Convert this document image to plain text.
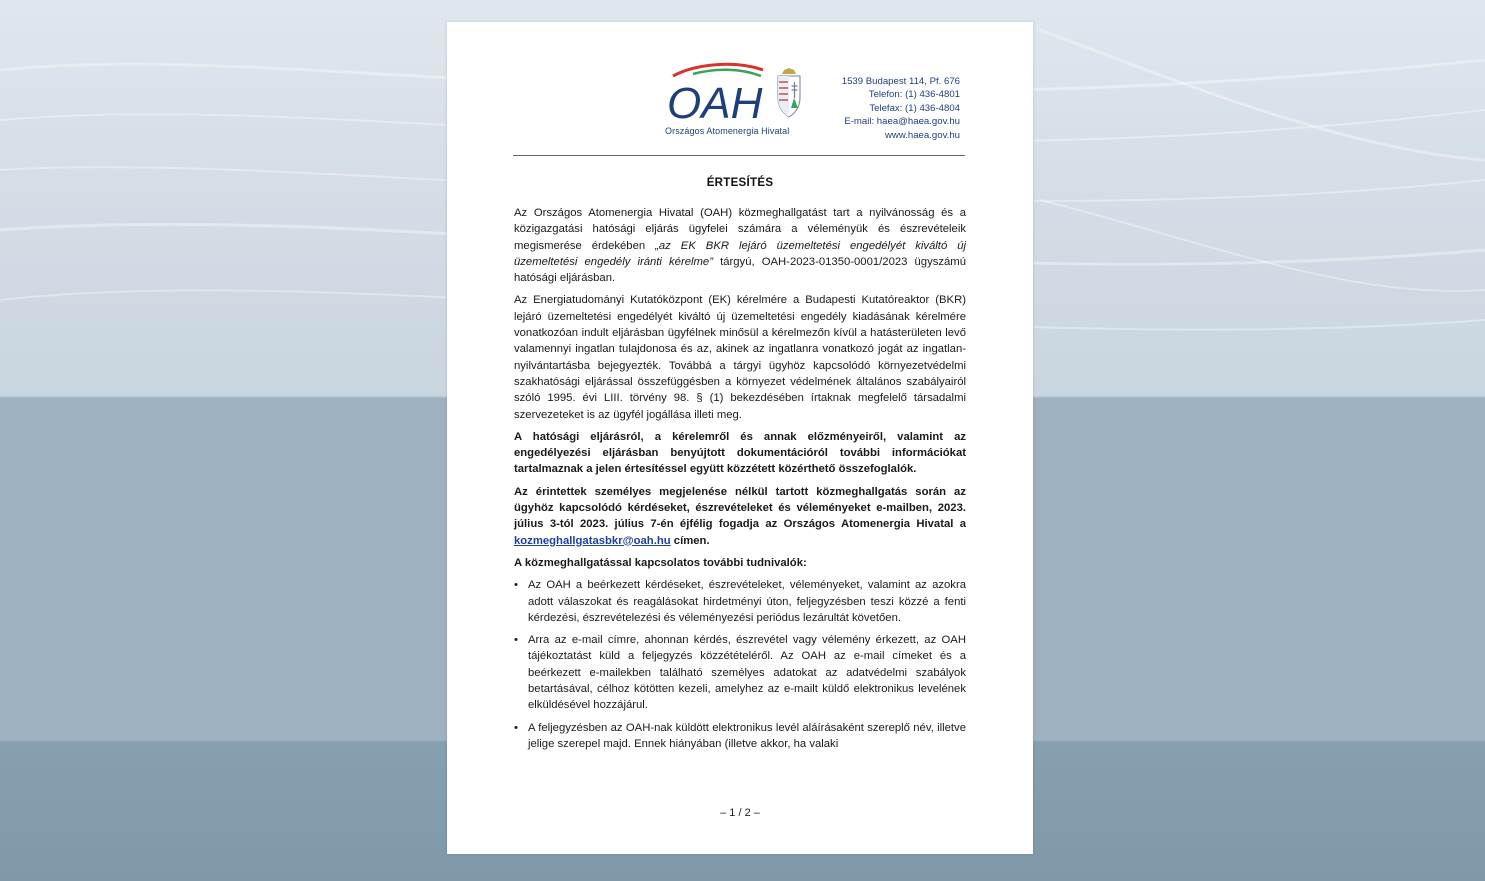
OAH
Országos Atomenergia Hivatal
1539 Budapest 114, Pf. 676
Telefon: (1) 436-4801
Telefax: (1) 436-4804
E-mail: haea@haea.gov.hu
www.haea.gov.hu
ÉRTESÍTÉS

Az Országos Atomenergia Hivatal (OAH) közmeghallgatást tart a nyilvánosság és a közigazgatási hatósági eljárás ügyfelei számára a véleményük és észrevételeik megismerése érdekében „az EK BKR lejáró üzemeltetési engedélyét kiváltó új üzemeltetési engedély iránti kérelme” tárgyú, OAH-2023-01350-0001/2023 ügyszámú hatósági eljárásban.

Az Energiatudományi Kutatóközpont (EK) kérelmére a Budapesti Kutatóreaktor (BKR) lejáró üzemeltetési engedélyét kiváltó új üzemeltetési engedély kiadásának kérelmére vonatkozóan indult eljárásban ügyfélnek minősül a kérelmezőn kívül a hatásterületen levő valamennyi ingatlan tulajdonosa és az, akinek az ingatlanra vonatkozó jogát az ingatlan-nyilvántartásba bejegyezték. Továbbá a tárgyi ügyhöz kapcsolódó környezetvédelmi szakhatósági eljárással összefüggésben a környezet védelmének általános szabályairól szóló 1995. évi LIII. törvény 98. § (1) bekezdésében írtaknak megfelelő társadalmi szervezeteket is az ügyfél jogállása illeti meg.

A hatósági eljárásról, a kérelemről és annak előzményeiről, valamint az engedélyezési eljárásban benyújtott dokumentációról további információkat tartalmaznak a jelen értesítéssel együtt közzétett közérthető összefoglalók.

Az érintettek személyes megjelenése nélkül tartott közmeghallgatás során az ügyhöz kapcsolódó kérdéseket, észrevételeket és véleményeket e-mailben, 2023. július 3-tól 2023. július 7-én éjfélig fogadja az Országos Atomenergia Hivatal a kozmeghallgatasbkr@oah.hu címen.

A közmeghallgatással kapcsolatos további tudnivalók:

• Az OAH a beérkezett kérdéseket, észrevételeket, véleményeket, valamint az azokra adott válaszokat és reagálásokat hirdetményi úton, feljegyzésben teszi közzé a fenti kérdezési, észrevételezési és véleményezési periódus lezárultát követően.
• Arra az e-mail címre, ahonnan kérdés, észrevétel vagy vélemény érkezett, az OAH tájékoztatást küld a feljegyzés közzétételéről. Az OAH az e-mail címeket és a beérkezett e-mailekben található személyes adatokat az adatvédelmi szabályok betartásával, célhoz kötötten kezeli, amelyhez az e-mailt küldő elektronikus levelének elküldésével hozzájárul.
• A feljegyzésben az OAH-nak küldött elektronikus levél aláírásaként szereplő név, illetve jelige szerepel majd. Ennek hiányában (illetve akkor, ha valaki
– 1 / 2 –
